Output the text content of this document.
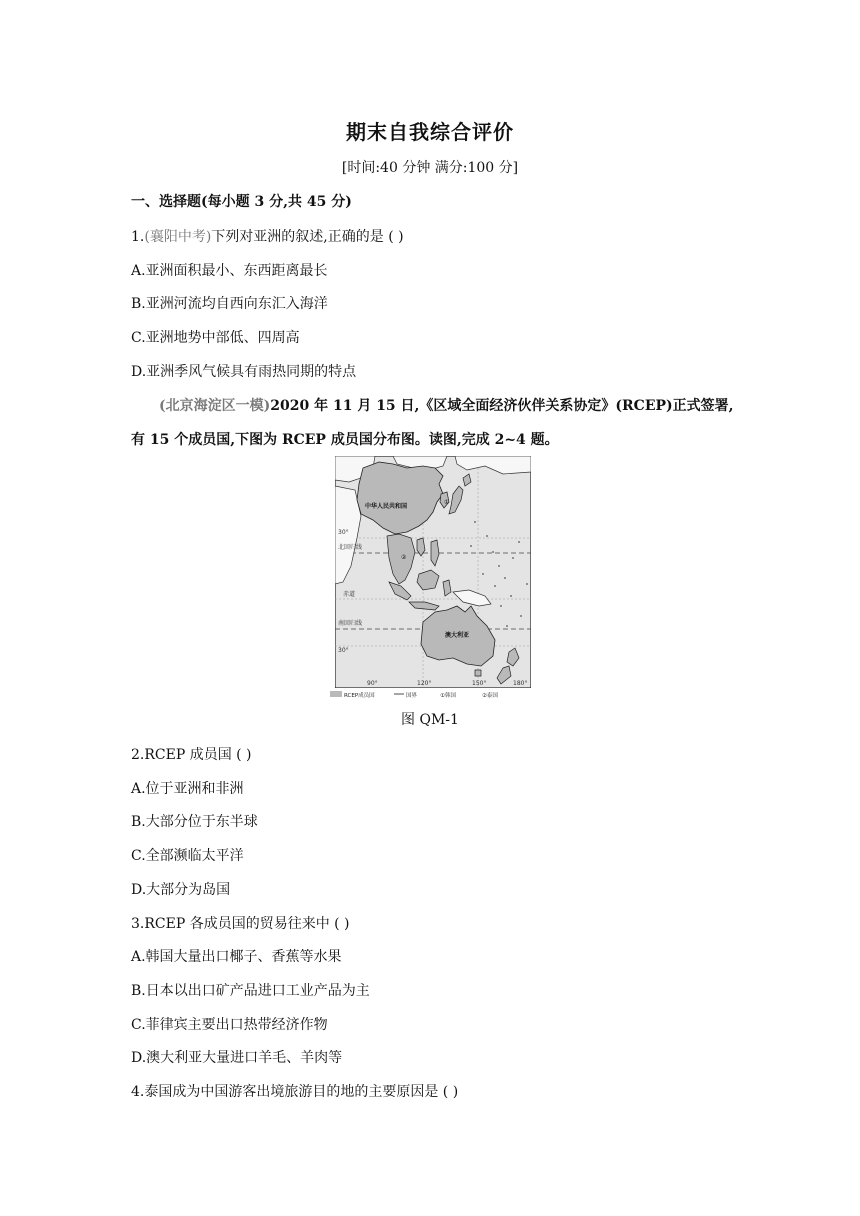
期末自我综合评价
[时间:40 分钟 满分:100 分]
一、选择题(每小题 3 分,共 45 分)
1.(襄阳中考)下列对亚洲的叙述,正确的是 ( )
A.亚洲面积最小、东西距离最长
B.亚洲河流均自西向东汇入海洋
C.亚洲地势中部低、四周高
D.亚洲季风气候具有雨热同期的特点
(北京海淀区一模)2020 年 11 月 15 日,《区域全面经济伙伴关系协定》(RCEP)正式签署,
有 15 个成员国,下图为 RCEP 成员国分布图。读图,完成 2~4 题。
①
②
中华人民共和国
澳大利亚
30°
北回归线
赤道
南回归线
30°
90°	120°	150°	180°
RCEP成员国	国界	①韩国	②泰国
图 QM-1
2.RCEP 成员国 ( )
A.位于亚洲和非洲
B.大部分位于东半球
C.全部濒临太平洋
D.大部分为岛国
3.RCEP 各成员国的贸易往来中 ( )
A.韩国大量出口椰子、香蕉等水果
B.日本以出口矿产品进口工业产品为主
C.菲律宾主要出口热带经济作物
D.澳大利亚大量进口羊毛、羊肉等
4.泰国成为中国游客出境旅游目的地的主要原因是 ( )
